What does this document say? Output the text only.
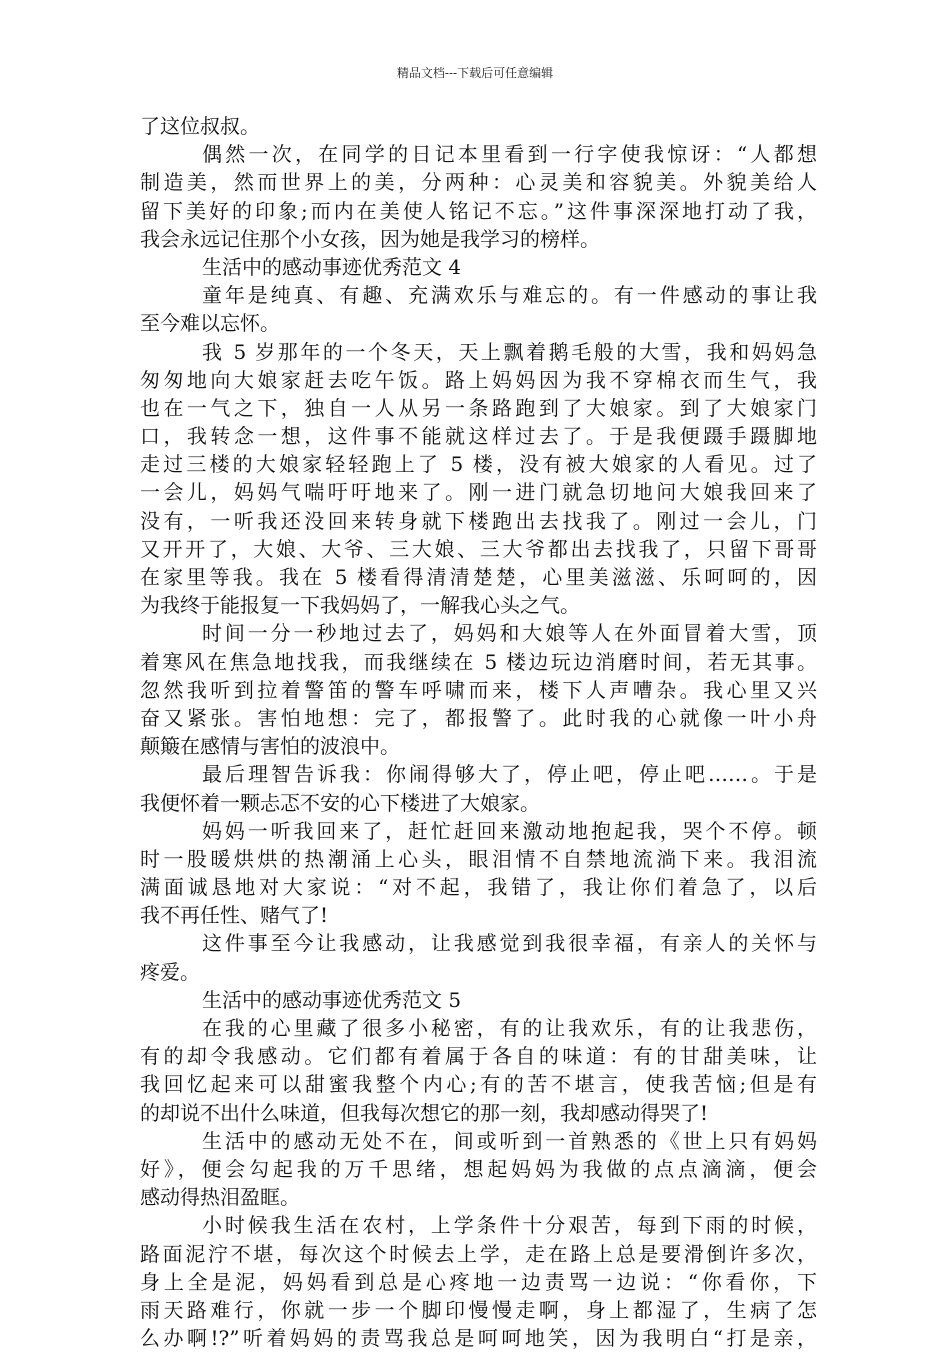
精品文档---下载后可任意编辑
了这位叔叔。
偶然一次，在同学的日记本里看到一行字使我惊讶：“人都想
制造美，然而世界上的美，分两种：心灵美和容貌美。外貌美给人
留下美好的印象;而内在美使人铭记不忘。”这件事深深地打动了我，
我会永远记住那个小女孩，因为她是我学习的榜样。
生活中的感动事迹优秀范文 4
童年是纯真、有趣、充满欢乐与难忘的。有一件感动的事让我
至今难以忘怀。
我 5 岁那年的一个冬天，天上飘着鹅毛般的大雪，我和妈妈急
匆匆地向大娘家赶去吃午饭。路上妈妈因为我不穿棉衣而生气，我
也在一气之下，独自一人从另一条路跑到了大娘家。到了大娘家门
口，我转念一想，这件事不能就这样过去了。于是我便蹑手蹑脚地
走过三楼的大娘家轻轻跑上了 5 楼，没有被大娘家的人看见。过了
一会儿，妈妈气喘吁吁地来了。刚一进门就急切地问大娘我回来了
没有，一听我还没回来转身就下楼跑出去找我了。刚过一会儿，门
又开开了，大娘、大爷、三大娘、三大爷都出去找我了，只留下哥哥
在家里等我。我在 5 楼看得清清楚楚，心里美滋滋、乐呵呵的，因
为我终于能报复一下我妈妈了，一解我心头之气。
时间一分一秒地过去了，妈妈和大娘等人在外面冒着大雪，顶
着寒风在焦急地找我，而我继续在 5 楼边玩边消磨时间，若无其事。
忽然我听到拉着警笛的警车呼啸而来，楼下人声嘈杂。我心里又兴
奋又紧张。害怕地想：完了，都报警了。此时我的心就像一叶小舟
颠簸在感情与害怕的波浪中。
最后理智告诉我：你闹得够大了，停止吧，停止吧……。于是
我便怀着一颗忐忑不安的心下楼进了大娘家。
妈妈一听我回来了，赶忙赶回来激动地抱起我，哭个不停。顿
时一股暖烘烘的热潮涌上心头，眼泪情不自禁地流淌下来。我泪流
满面诚恳地对大家说：“对不起，我错了，我让你们着急了，以后
我不再任性、赌气了!
这件事至今让我感动，让我感觉到我很幸福，有亲人的关怀与
疼爱。
生活中的感动事迹优秀范文 5
在我的心里藏了很多小秘密，有的让我欢乐，有的让我悲伤，
有的却令我感动。它们都有着属于各自的味道：有的甘甜美味，让
我回忆起来可以甜蜜我整个内心;有的苦不堪言，使我苦恼;但是有
的却说不出什么味道，但我每次想它的那一刻，我却感动得哭了!
生活中的感动无处不在，间或听到一首熟悉的《世上只有妈妈
好》，便会勾起我的万千思绪，想起妈妈为我做的点点滴滴，便会
感动得热泪盈眶。
小时候我生活在农村，上学条件十分艰苦，每到下雨的时候，
路面泥泞不堪，每次这个时候去上学，走在路上总是要滑倒许多次，
身上全是泥，妈妈看到总是心疼地一边责骂一边说：“你看你，下
雨天路难行，你就一步一个脚印慢慢走啊，身上都湿了，生病了怎
么办啊!?”听着妈妈的责骂我总是呵呵地笑，因为我明白“打是亲，
